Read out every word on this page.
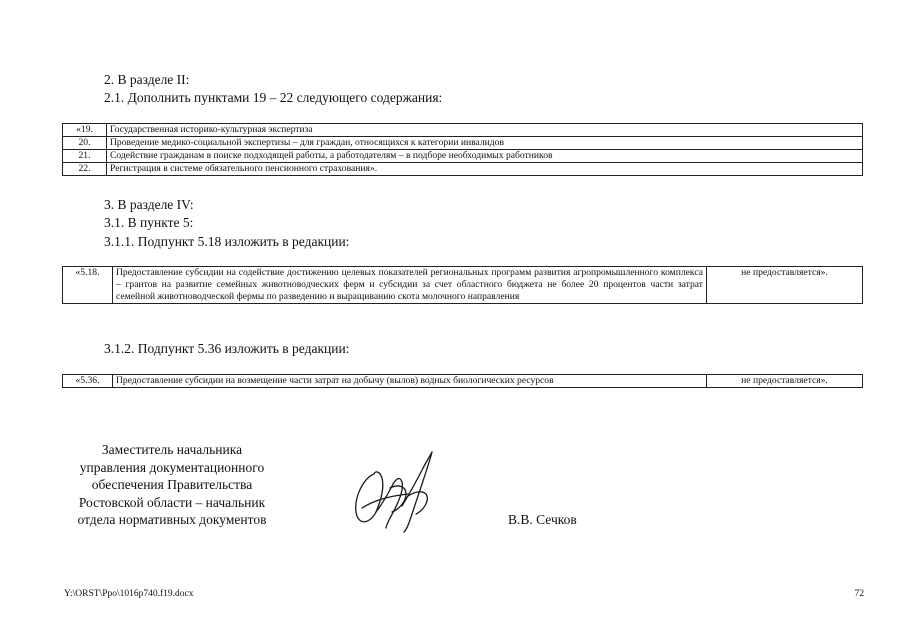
2. В разделе II:
2.1. Дополнить пунктами 19 – 22 следующего содержания:
«19.	Государственная историко-культурная экспертиза
20.	Проведение медико-социальной экспертизы – для граждан, относящихся к категории инвалидов
21.	Содействие гражданам в поиске подходящей работы, а работодателям – в подборе необходимых работников
22.	Регистрация в системе обязательного пенсионного страхования».
3. В разделе IV:
3.1. В пункте 5:
3.1.1. Подпункт 5.18 изложить в редакции:
«5.18.	Предоставление субсидии на содействие достижению целевых показателей региональных программ развития агропромышленного комплекса – грантов на развитие семейных животноводческих ферм и субсидии за счет областного бюджета не более 20 процентов части затрат семейной животноводческой фермы по разведению и выращиванию скота молочного направления	не предоставляется».
3.1.2. Подпункт 5.36 изложить в редакции:
«5.36.	Предоставление субсидии на возмещение части затрат на добычу (вылов) водных биологических ресурсов	не предоставляется».
Заместитель начальника
управления документационного
обеспечения Правительства
Ростовской области – начальник
отдела нормативных документов	В.В. Сечков
Y:\ORST\Ppo\1016p740.f19.docx	72
